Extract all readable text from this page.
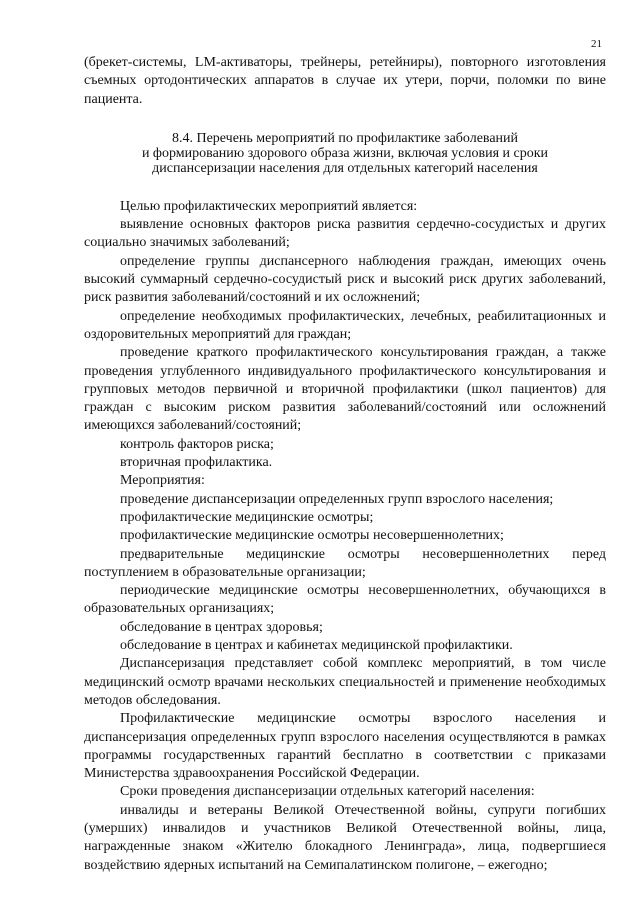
21

(брекет-системы, LM-активаторы, трейнеры, ретейниры), повторного изготовления съемных ортодонтических аппаратов в случае их утери, порчи, поломки по вине пациента.

8.4. Перечень мероприятий по профилактике заболеваний

и формированию здорового образа жизни, включая условия и сроки

диспансеризации населения для отдельных категорий населения

Целью профилактических мероприятий является:

выявление основных факторов риска развития сердечно-сосудистых и других социально значимых заболеваний;

определение группы диспансерного наблюдения граждан, имеющих очень высокий суммарный сердечно-сосудистый риск и высокий риск других заболеваний, риск развития заболеваний/состояний и их осложнений;

определение необходимых профилактических, лечебных, реабилитационных и оздоровительных мероприятий для граждан;

проведение краткого профилактического консультирования граждан, а также проведения углубленного индивидуального профилактического консультирования и групповых методов первичной и вторичной профилактики (школ пациентов) для граждан с высоким риском развития заболеваний/состояний или осложнений имеющихся заболеваний/состояний;

контроль факторов риска;

вторичная профилактика.

Мероприятия:

проведение диспансеризации определенных групп взрослого населения;

профилактические медицинские осмотры;

профилактические медицинские осмотры несовершеннолетних;

предварительные медицинские осмотры несовершеннолетних перед поступлением в образовательные организации;

периодические медицинские осмотры несовершеннолетних, обучающихся в образовательных организациях;

обследование в центрах здоровья;

обследование в центрах и кабинетах медицинской профилактики.

Диспансеризация представляет собой комплекс мероприятий, в том числе медицинский осмотр врачами нескольких специальностей и применение необходимых методов обследования.

Профилактические медицинские осмотры взрослого населения и диспансеризация определенных групп взрослого населения осуществляются в рамках программы государственных гарантий бесплатно в соответствии с приказами Министерства здравоохранения Российской Федерации.

Сроки проведения диспансеризации отдельных категорий населения:

инвалиды и ветераны Великой Отечественной войны, супруги погибших (умерших) инвалидов и участников Великой Отечественной войны, лица, награжденные знаком «Жителю блокадного Ленинграда», лица, подвергшиеся воздействию ядерных испытаний на Семипалатинском полигоне, – ежегодно;
